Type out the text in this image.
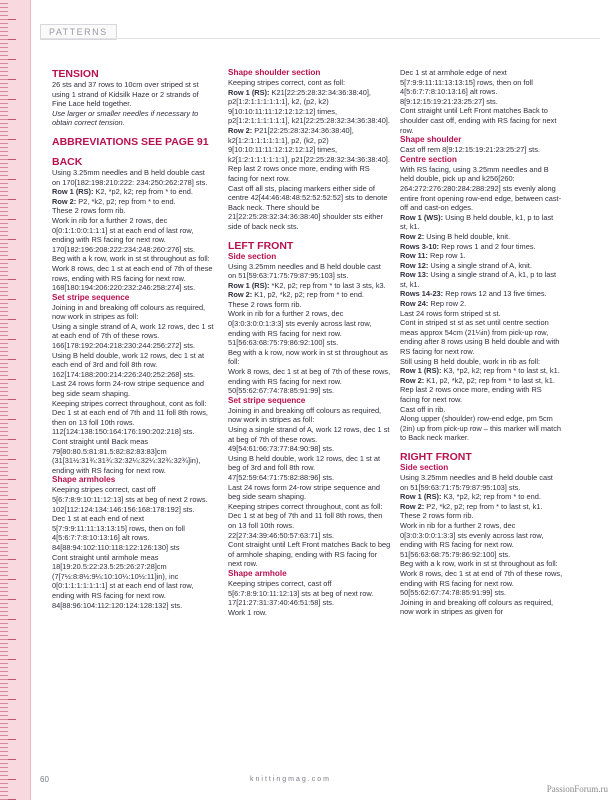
PATTERNS

TENSION

26 sts and 37 rows to 10cm over striped st st using 1 strand of Kidsilk Haze or 2 strands of Fine Lace held together.

Use larger or smaller needles if necessary to obtain correct tension.

ABBREVIATIONS SEE PAGE 91

BACK

Using 3.25mm needles and B held double cast on 170[182:198:210:222: 234:250:262:278] sts.

Row 1 (RS): K2, *p2, k2; rep from * to end.

Row 2: P2, *k2, p2; rep from * to end.

These 2 rows form rib.

Work in rib for a further 2 rows, dec 0[0:1:1:0:0:1:1:1] st at each end of last row, ending with RS facing for next row. 170[182:196:208:222:234:248:260:276] sts.

Beg with a k row, work in st st throughout as foll:

Work 8 rows, dec 1 st at each end of 7th of these rows, ending with RS facing for next row.

168[180:194:206:220:232:246:258:274] sts.

Set stripe sequence

Joining in and breaking off colours as required, now work in stripes as foll:

Using a single strand of A, work 12 rows, dec 1 st at each end of 7th of these rows.

166[178:192:204:218:230:244:256:272] sts.

Using B held double, work 12 rows, dec 1 st at each end of 3rd and foll 8th row.

162[174:188:200:214:226:240:252:268] sts.

Last 24 rows form 24-row stripe sequence and beg side seam shaping.

Keeping stripes correct throughout, cont as foll:

Dec 1 st at each end of 7th and 11 foll 8th rows, then on 13 foll 10th rows.

112[124:138:150:164:176:190:202:218] sts.

Cont straight until Back meas 79[80:80.5:81:81.5:82:82:83:83]cm (31[31½:31¾:31¾:32:32¼:32¼:32¾:32¾]in), ending with RS facing for next row.

Shape armholes

Keeping stripes correct, cast off 5[6:7:8:9:10:11:12:13] sts at beg of next 2 rows.

102[112:124:134:146:156:168:178:192] sts.

Dec 1 st at each end of next 5[7:9:9:11:11:13:13:15] rows, then on foll 4[5:6:7:7:8:10:13:16] alt rows.

84[88:94:102:110:118:122:126:130] sts

Cont straight until armhole meas 18[19:20.5:22:23.5:25:26:27:28]cm (7[7½:8:8½:9¼:10:10¼:10½:11]in), inc 0[0:1:1:1:1:1:1:1] st at each end of last row, ending with RS facing for next row.

84[88:96:104:112:120:124:128:132] sts.

Shape shoulder section

Keeping stripes correct, cont as foll:

Row 1 (RS): K21[22:25:28:32:34:36:38:40], p2[1:2:1:1:1:1:1:1], k2, (p2, k2) 9[10:10:11:11:12:12:12:12] times, p2[1:2:1:1:1:1:1:1], k21[22:25:28:32:34:36:38:40].

Row 2: P21[22:25:28:32:34:36:38:40], k2[1:2:1:1:1:1:1:1], p2, (k2, p2) 9[10:10:11:11:12:12:12:12] times, k2[1:2:1:1:1:1:1:1], p21[22:25:28:32:34:36:38:40].

Rep last 2 rows once more, ending with RS facing for next row.

Cast off all sts, placing markers either side of centre 42[44:46:48:48:52:52:52:52] sts to denote Back neck. There should be 21[22:25:28:32:34:36:38:40] shoulder sts either side of back neck sts.

LEFT FRONT

Side section

Using 3.25mm needles and B held double cast on 51[59:63:71:75:79:87:95:103] sts.

Row 1 (RS): *K2, p2; rep from * to last 3 sts, k3.

Row 2: K1, p2, *k2, p2; rep from * to end.

These 2 rows form rib.

Work in rib for a further 2 rows, dec 0[3:0:3:0:0:1:3:3] sts evenly across last row, ending with RS facing for next row.

51[56:63:68:75:79:86:92:100] sts.

Beg with a k row, now work in st st throughout as foll:

Work 8 rows, dec 1 st at beg of 7th of these rows, ending with RS facing for next row.

50[55:62:67:74:78:85:91:99] sts.

Set stripe sequence

Joining in and breaking off colours as required, now work in stripes as foll:

Using a single strand of A, work 12 rows, dec 1 st at beg of 7th of these rows.

49[54:61:66:73:77:84:90:98] sts.

Using B held double, work 12 rows, dec 1 st at beg of 3rd and foll 8th row.

47[52:59:64:71:75:82:88:96] sts.

Last 24 rows form 24-row stripe sequence and beg side seam shaping.

Keeping stripes correct throughout, cont as foll:

Dec 1 st at beg of 7th and 11 foll 8th rows, then on 13 foll 10th rows.

22[27:34:39:46:50:57:63:71] sts.

Cont straight until Left Front matches Back to beg of armhole shaping, ending with RS facing for next row.

Shape armhole

Keeping stripes correct, cast off 5[6:7:8:9:10:11:12:13] sts at beg of next row.

17[21:27:31:37:40:46:51:58] sts.

Work 1 row.

Dec 1 st at armhole edge of next 5[7:9:9:11:11:13:13:15] rows, then on foll 4[5:6:7:7:8:10:13:16] alt rows.

8[9:12:15:19:21:23:25:27] sts.

Cont straight until Left Front matches Back to shoulder cast off, ending with RS facing for next row.

Shape shoulder

Cast off rem 8[9:12:15:19:21:23:25:27] sts.

Centre section

With RS facing, using 3.25mm needles and B held double, pick up and k256[260: 264:272:276:280:284:288:292] sts evenly along entire front opening row-end edge, between cast-off and cast-on edges.

Row 1 (WS): Using B held double, k1, p to last st, k1.

Row 2: Using B held double, knit.

Rows 3-10: Rep rows 1 and 2 four times.

Row 11: Rep row 1.

Row 12: Using a single strand of A, knit.

Row 13: Using a single strand of A, k1, p to last st, k1.

Rows 14-23: Rep rows 12 and 13 five times.

Row 24: Rep row 2.

Last 24 rows form striped st st.

Cont in striped st st as set until centre section meas approx 54cm (21¼in) from pick-up row, ending after 8 rows using B held double and with RS facing for next row.

Still using B held double, work in rib as foll:

Row 1 (RS): K3, *p2, k2; rep from * to last st, k1.

Row 2: K1, p2, *k2, p2; rep from * to last st, k1.

Rep last 2 rows once more, ending with RS facing for next row.

Cast off in rib.

Along upper (shoulder) row-end edge, pm 5cm (2in) up from pick-up row – this marker will match to Back neck marker.

RIGHT FRONT

Side section

Using 3.25mm needles and B held double cast on 51[59:63:71:75:79:87:95:103] sts.

Row 1 (RS): K3, *p2, k2; rep from * to end.

Row 2: P2, *k2, p2; rep from * to last st, k1.

These 2 rows form rib.

Work in rib for a further 2 rows, dec 0[3:0:3:0:0:1:3:3] sts evenly across last row, ending with RS facing for next row.

51[56:63:68:75:79:86:92:100] sts.

Beg with a k row, work in st st throughout as foll:

Work 8 rows, dec 1 st at end of 7th of these rows, ending with RS facing for next row.

50[55:62:67:74:78:85:91:99] sts.

Joining in and breaking off colours as required, now work in stripes as given for

60	knittingmag.com
PassionForum.ru
